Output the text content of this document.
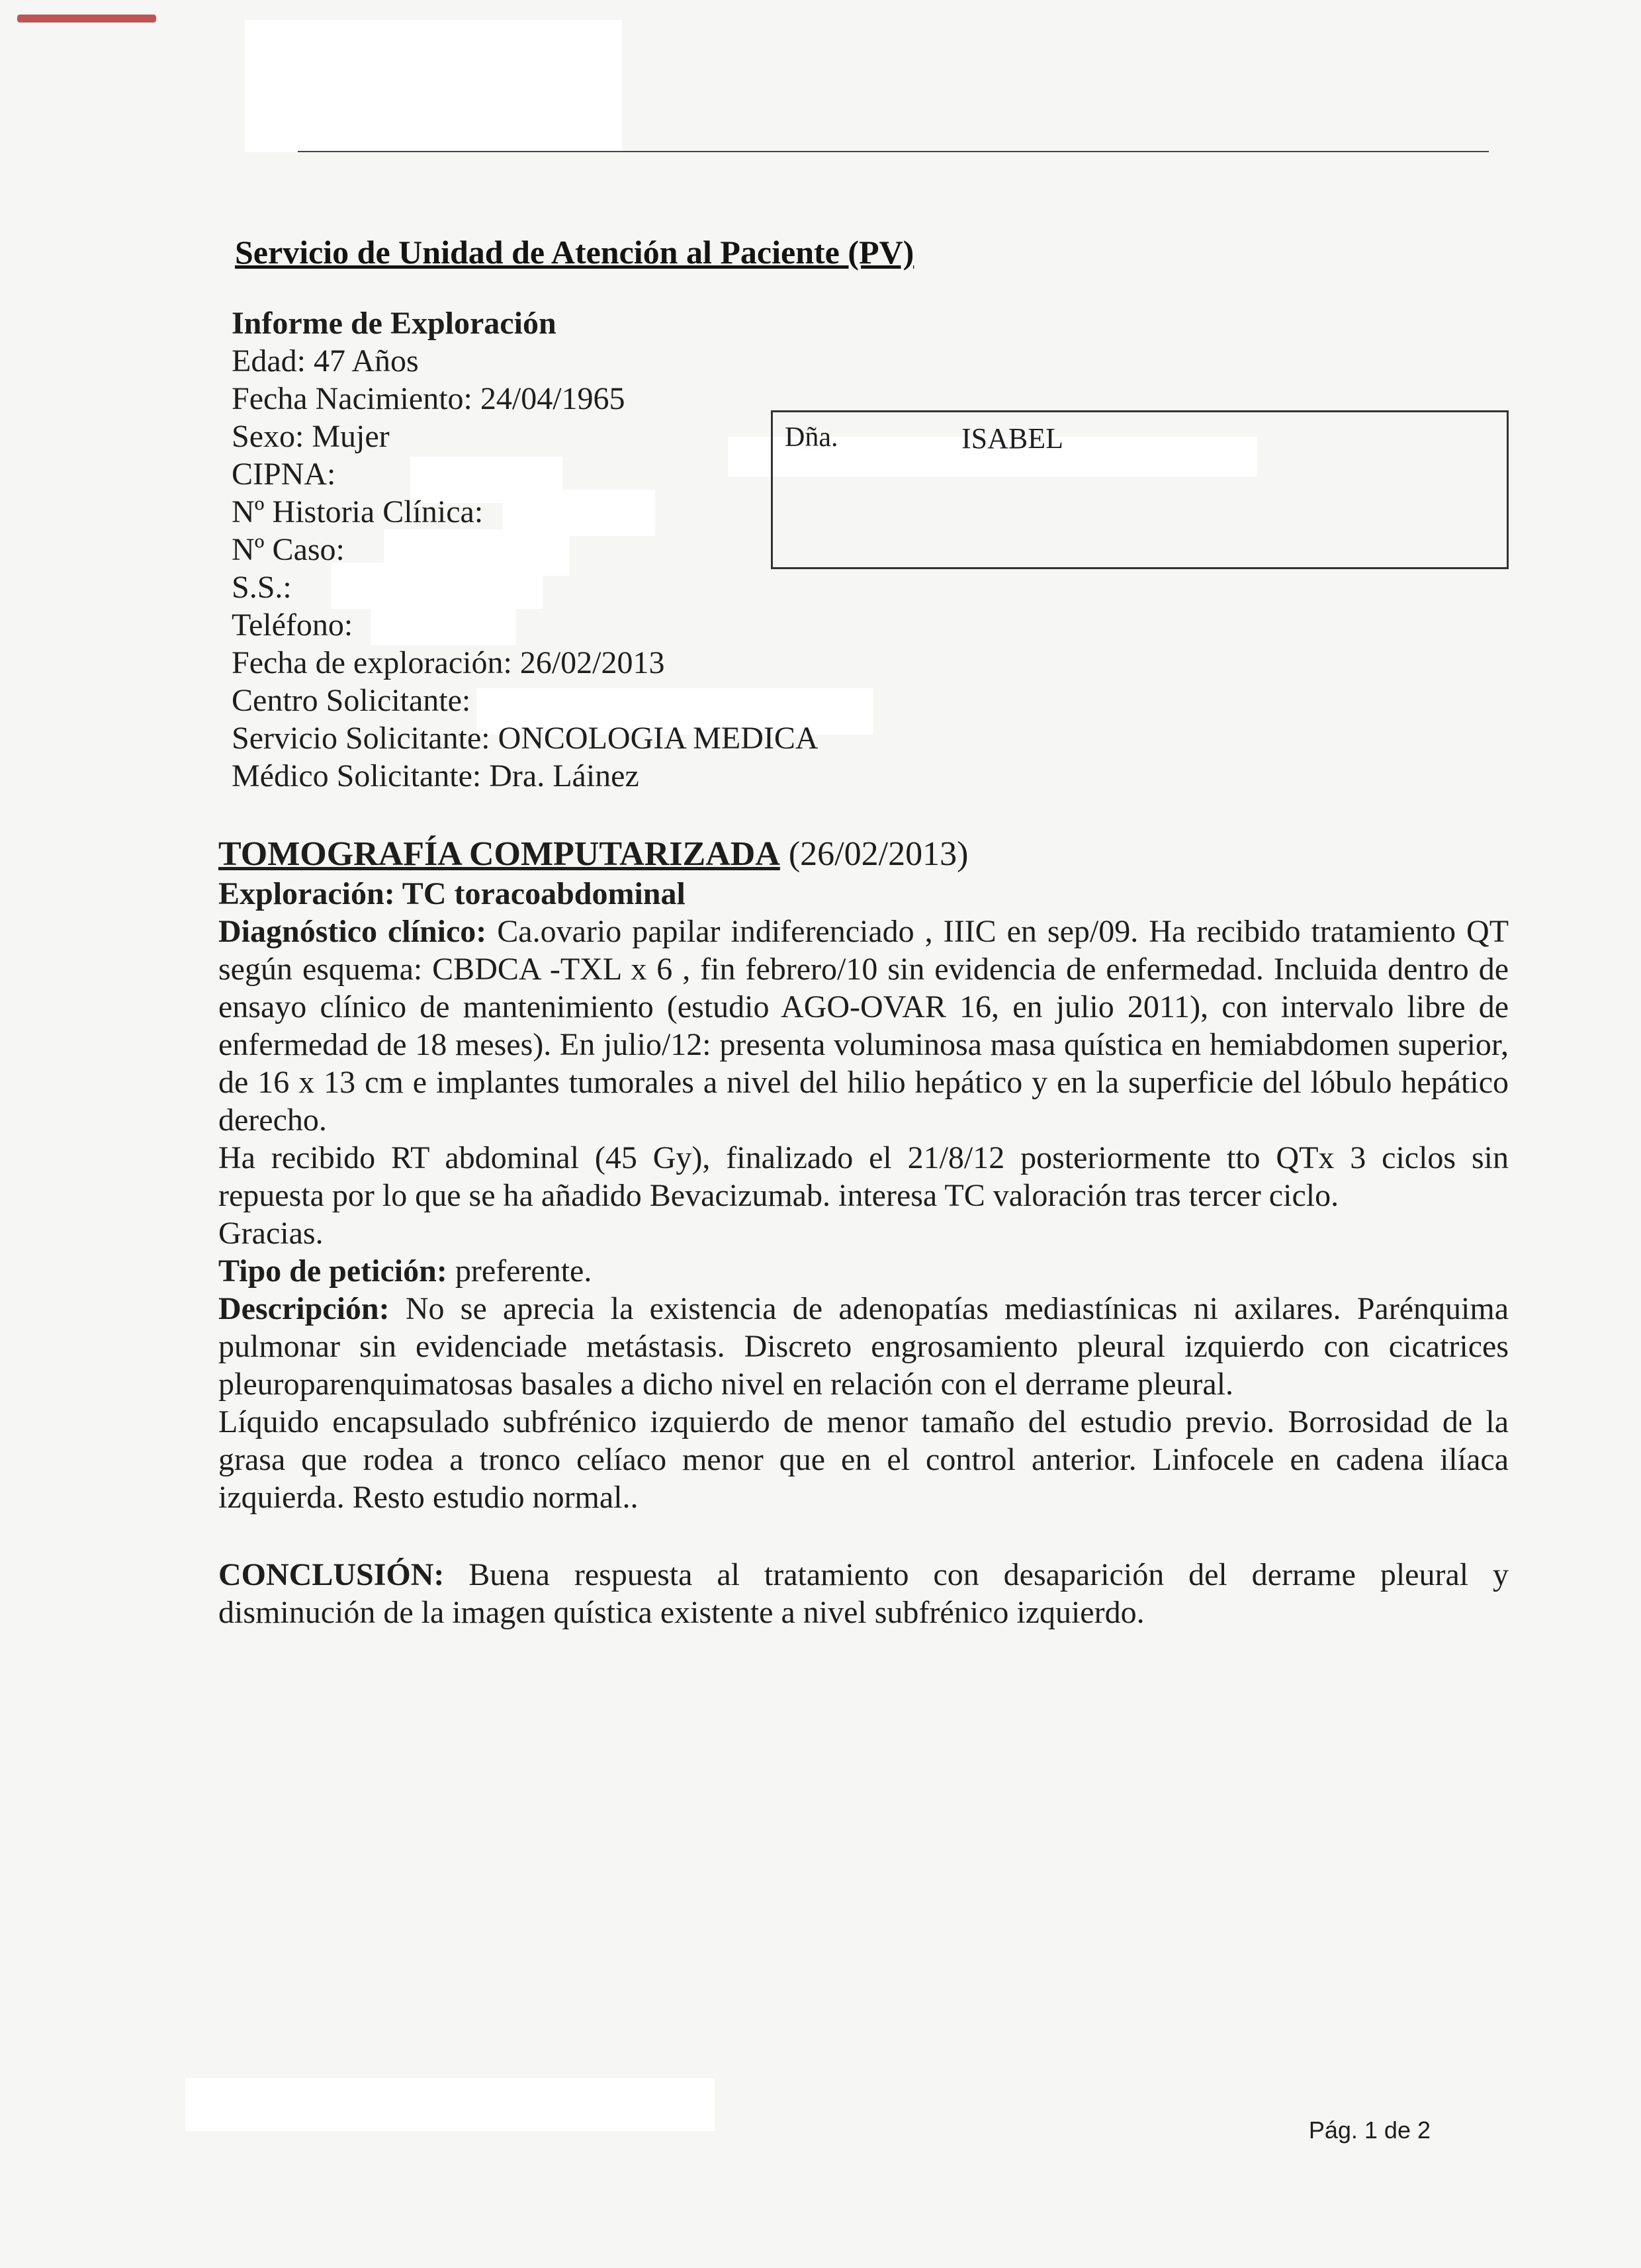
Servicio de Unidad de Atención al Paciente (PV)
Informe de Exploración
Edad: 47 Años
Fecha Nacimiento: 24/04/1965
Sexo: Mujer
CIPNA:
Nº Historia Clínica:
Nº Caso:
S.S.:
Teléfono:
Fecha de exploración: 26/02/2013
Centro Solicitante:
Servicio Solicitante: ONCOLOGIA MEDICA
Médico Solicitante: Dra. Láinez
Dña.	ISABEL
TOMOGRAFÍA COMPUTARIZADA (26/02/2013)

Exploración: TC toracoabdominal

Diagnóstico clínico: Ca.ovario papilar indiferenciado , IIIC en sep/09. Ha recibido tratamiento QT según esquema: CBDCA -TXL x 6 , fin febrero/10 sin evidencia de enfermedad. Incluida dentro de ensayo clínico de mantenimiento (estudio AGO-OVAR 16, en julio 2011), con intervalo libre de enfermedad de 18 meses). En julio/12: presenta voluminosa masa quística en hemiabdomen superior, de 16 x 13 cm e implantes tumorales a nivel del hilio hepático y en la superficie del lóbulo hepático derecho.

Ha recibido RT abdominal (45 Gy), finalizado el 21/8/12 posteriormente tto QTx 3 ciclos sin repuesta por lo que se ha añadido Bevacizumab. interesa TC valoración tras tercer ciclo.

Gracias.

Tipo de petición: preferente.

Descripción: No se aprecia la existencia de adenopatías mediastínicas ni axilares. Parénquima pulmonar sin evidenciade metástasis. Discreto engrosamiento pleural izquierdo con cicatrices pleuroparenquimatosas basales a dicho nivel en relación con el derrame pleural.

Líquido encapsulado subfrénico izquierdo de menor tamaño del estudio previo. Borrosidad de la grasa que rodea a tronco celíaco menor que en el control anterior. Linfocele en cadena ilíaca izquierda. Resto estudio normal..

CONCLUSIÓN: Buena respuesta al tratamiento con desaparición del derrame pleural y disminución de la imagen quística existente a nivel subfrénico izquierdo.

Pág. 1 de 2
